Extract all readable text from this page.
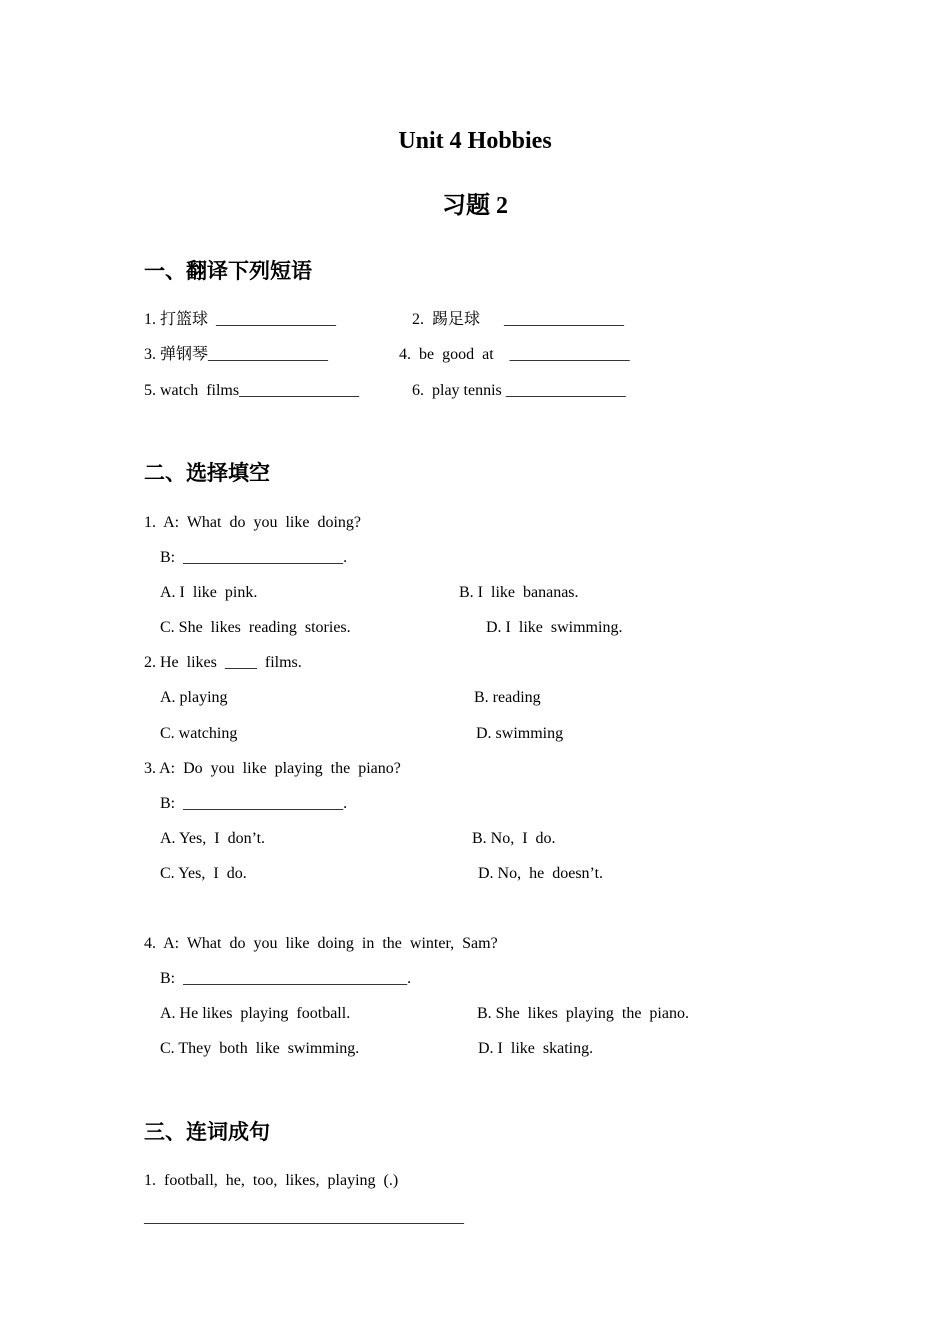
Unit 4 Hobbies
习题 2
一、翻译下列短语
1. 打篮球  _______________	2.  踢足球      _______________
3. 弹钢琴_______________	4.  be  good  at    _______________
5. watch  films_______________	6.  play tennis _______________
二、选择填空
1.  A:  What  do  you  like  doing?
B:  ____________________.
A. I  like  pink.	B. I  like  bananas.
C. She  likes  reading  stories.	D. I  like  swimming.
2. He  likes  ____  films.
A. playing	B. reading
C. watching	D. swimming
3. A:  Do  you  like  playing  the  piano?
B:  ____________________.
A. Yes,  I  don’t.	B. No,  I  do.
C. Yes,  I  do.	D. No,  he  doesn’t.
4.  A:  What  do  you  like  doing  in  the  winter,  Sam?
B:  ____________________________.
A. He likes  playing  football.	B. She  likes  playing  the  piano.
C. They  both  like  swimming.	D. I  like  skating.
三、连词成句
1.  football,  he,  too,  likes,  playing  (.)
________________________________________
